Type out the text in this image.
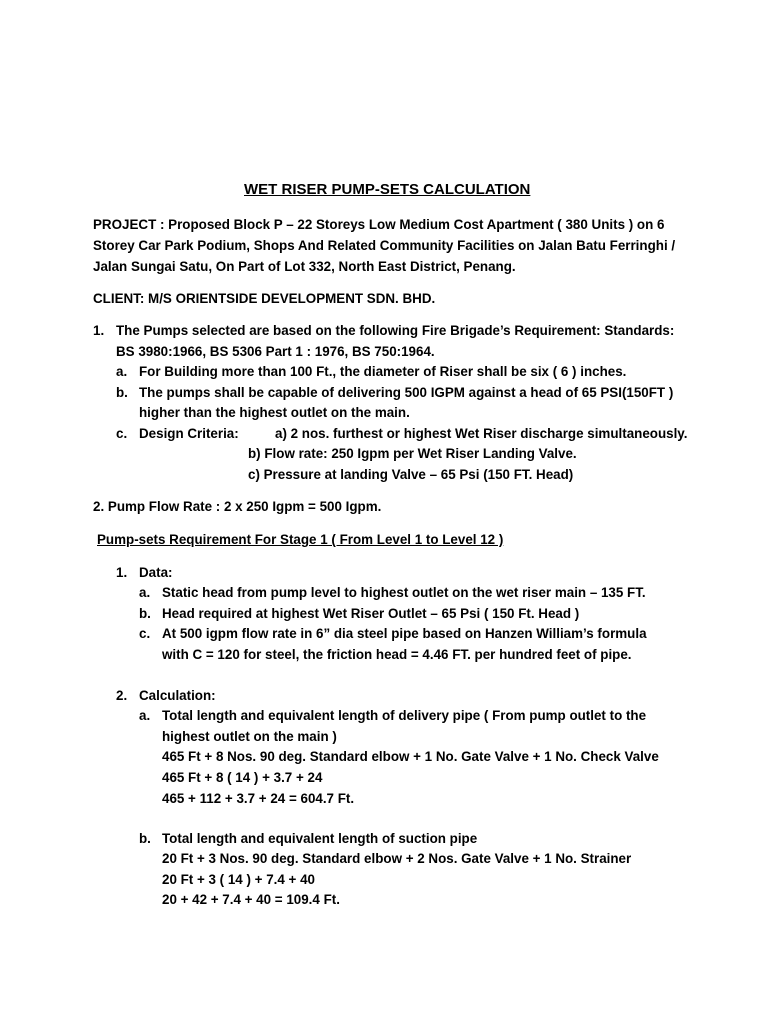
WET RISER PUMP-SETS CALCULATION
PROJECT : Proposed Block P – 22 Storeys Low Medium Cost Apartment ( 380 Units ) on 6
Storey Car Park Podium, Shops And Related Community Facilities on Jalan Batu Ferringhi /
Jalan Sungai Satu, On Part of Lot 332, North East District, Penang.
CLIENT: M/S ORIENTSIDE DEVELOPMENT SDN. BHD.
1. The Pumps selected are based on the following Fire Brigade’s Requirement: Standards:
BS 3980:1966, BS 5306 Part 1 : 1976, BS 750:1964.
a. For Building more than 100 Ft., the diameter of Riser shall be six ( 6 ) inches.
b. The pumps shall be capable of delivering 500 IGPM against a head of 65 PSI(150FT )
higher than the highest outlet on the main.
c. Design Criteria:	a) 2 nos. furthest or highest Wet Riser discharge simultaneously.
b) Flow rate: 250 Igpm per Wet Riser Landing Valve.
c) Pressure at landing Valve – 65 Psi (150 FT. Head)
2. Pump Flow Rate : 2 x 250 Igpm = 500 Igpm.
Pump-sets Requirement For Stage 1 ( From Level 1 to Level 12 )
1. Data:
a. Static head from pump level to highest outlet on the wet riser main – 135 FT.
b. Head required at highest Wet Riser Outlet – 65 Psi ( 150 Ft. Head )
c. At 500 igpm flow rate in 6” dia steel pipe based on Hanzen William’s formula
with C = 120 for steel, the friction head = 4.46 FT. per hundred feet of pipe.
2. Calculation:
a. Total length and equivalent length of delivery pipe ( From pump outlet to the
highest outlet on the main )
465 Ft + 8 Nos. 90 deg. Standard elbow + 1 No. Gate Valve + 1 No. Check Valve
465 Ft + 8 ( 14 ) + 3.7 + 24
465 + 112 + 3.7 + 24 = 604.7 Ft.
b. Total length and equivalent length of suction pipe
20 Ft + 3 Nos. 90 deg. Standard elbow + 2 Nos. Gate Valve + 1 No. Strainer
20 Ft + 3 ( 14 ) + 7.4 + 40
20 + 42 + 7.4 + 40 = 109.4 Ft.
